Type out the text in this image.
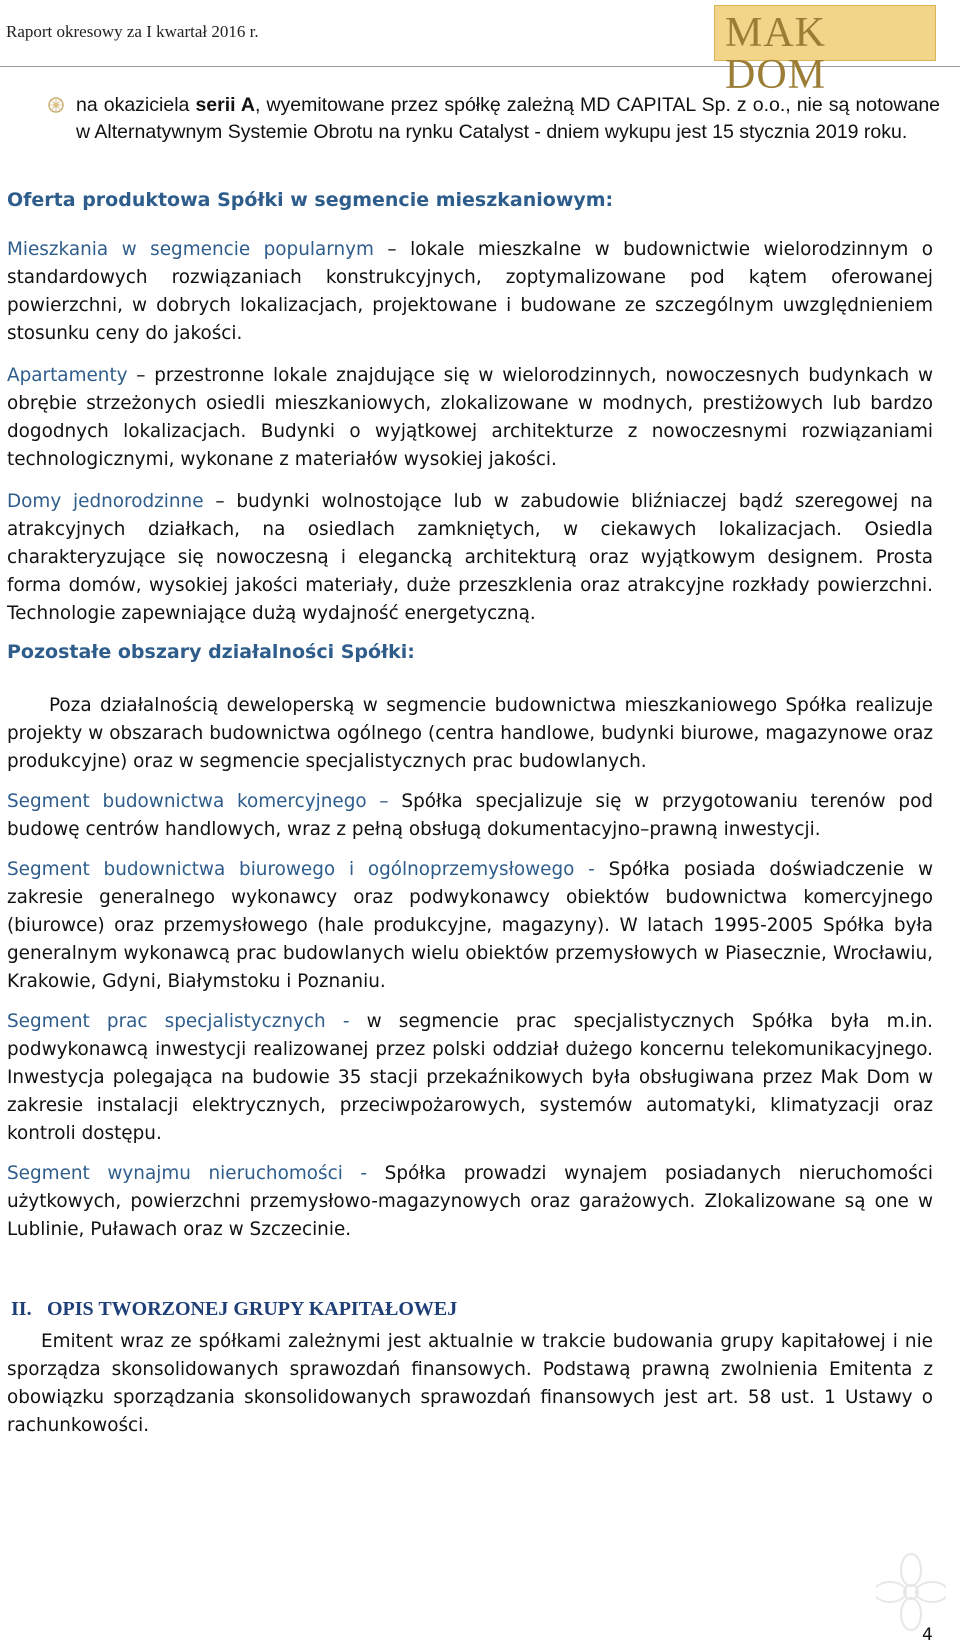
Raport okresowy za I kwartał 2016 r.	MAK DOM

na okaziciela serii A, wyemitowane przez spółkę zależną MD CAPITAL Sp. z o.o., nie są notowane w Alternatywnym Systemie Obrotu na rynku Catalyst - dniem wykupu jest 15 stycznia 2019 roku.

Oferta produktowa Spółki w segmencie mieszkaniowym:

Mieszkania w segmencie popularnym – lokale mieszkalne w budownictwie wielorodzinnym o standardowych rozwiązaniach konstrukcyjnych, zoptymalizowane pod kątem oferowanej powierzchni, w dobrych lokalizacjach, projektowane i budowane ze szczególnym uwzględnieniem stosunku ceny do jakości.

Apartamenty – przestronne lokale znajdujące się w wielorodzinnych, nowoczesnych budynkach w obrębie strzeżonych osiedli mieszkaniowych, zlokalizowane w modnych, prestiżowych lub bardzo dogodnych lokalizacjach. Budynki o wyjątkowej architekturze z nowoczesnymi rozwiązaniami technologicznymi, wykonane z materiałów wysokiej jakości.

Domy jednorodzinne – budynki wolnostojące lub w zabudowie bliźniaczej bądź szeregowej na atrakcyjnych działkach, na osiedlach zamkniętych, w ciekawych lokalizacjach. Osiedla charakteryzujące się nowoczesną i elegancką architekturą oraz wyjątkowym designem. Prosta forma domów, wysokiej jakości materiały, duże przeszklenia oraz atrakcyjne rozkłady powierzchni. Technologie zapewniające dużą wydajność energetyczną.

Pozostałe obszary działalności Spółki:

Poza działalnością deweloperską w segmencie budownictwa mieszkaniowego Spółka realizuje projekty w obszarach budownictwa ogólnego (centra handlowe, budynki biurowe, magazynowe oraz produkcyjne) oraz w segmencie specjalistycznych prac budowlanych.

Segment budownictwa komercyjnego – Spółka specjalizuje się w przygotowaniu terenów pod budowę centrów handlowych, wraz z pełną obsługą dokumentacyjno–prawną inwestycji.

Segment budownictwa biurowego i ogólnoprzemysłowego - Spółka posiada doświadczenie w zakresie generalnego wykonawcy oraz podwykonawcy obiektów budownictwa komercyjnego (biurowce) oraz przemysłowego (hale produkcyjne, magazyny). W latach 1995-2005 Spółka była generalnym wykonawcą prac budowlanych wielu obiektów przemysłowych w Piasecznie, Wrocławiu, Krakowie, Gdyni, Białymstoku i Poznaniu.

Segment prac specjalistycznych - w segmencie prac specjalistycznych Spółka była m.in. podwykonawcą inwestycji realizowanej przez polski oddział dużego koncernu telekomunikacyjnego. Inwestycja polegająca na budowie 35 stacji przekaźnikowych była obsługiwana przez Mak Dom w zakresie instalacji elektrycznych, przeciwpożarowych, systemów automatyki, klimatyzacji oraz kontroli dostępu.

Segment wynajmu nieruchomości - Spółka prowadzi wynajem posiadanych nieruchomości użytkowych, powierzchni przemysłowo-magazynowych oraz garażowych. Zlokalizowane są one w Lublinie, Puławach oraz w Szczecinie.

II. OPIS TWORZONEJ GRUPY KAPITAŁOWEJ

Emitent wraz ze spółkami zależnymi jest aktualnie w trakcie budowania grupy kapitałowej i nie sporządza skonsolidowanych sprawozdań finansowych. Podstawą prawną zwolnienia Emitenta z obowiązku sporządzania skonsolidowanych sprawozdań finansowych jest art. 58 ust. 1 Ustawy o rachunkowości.

4
